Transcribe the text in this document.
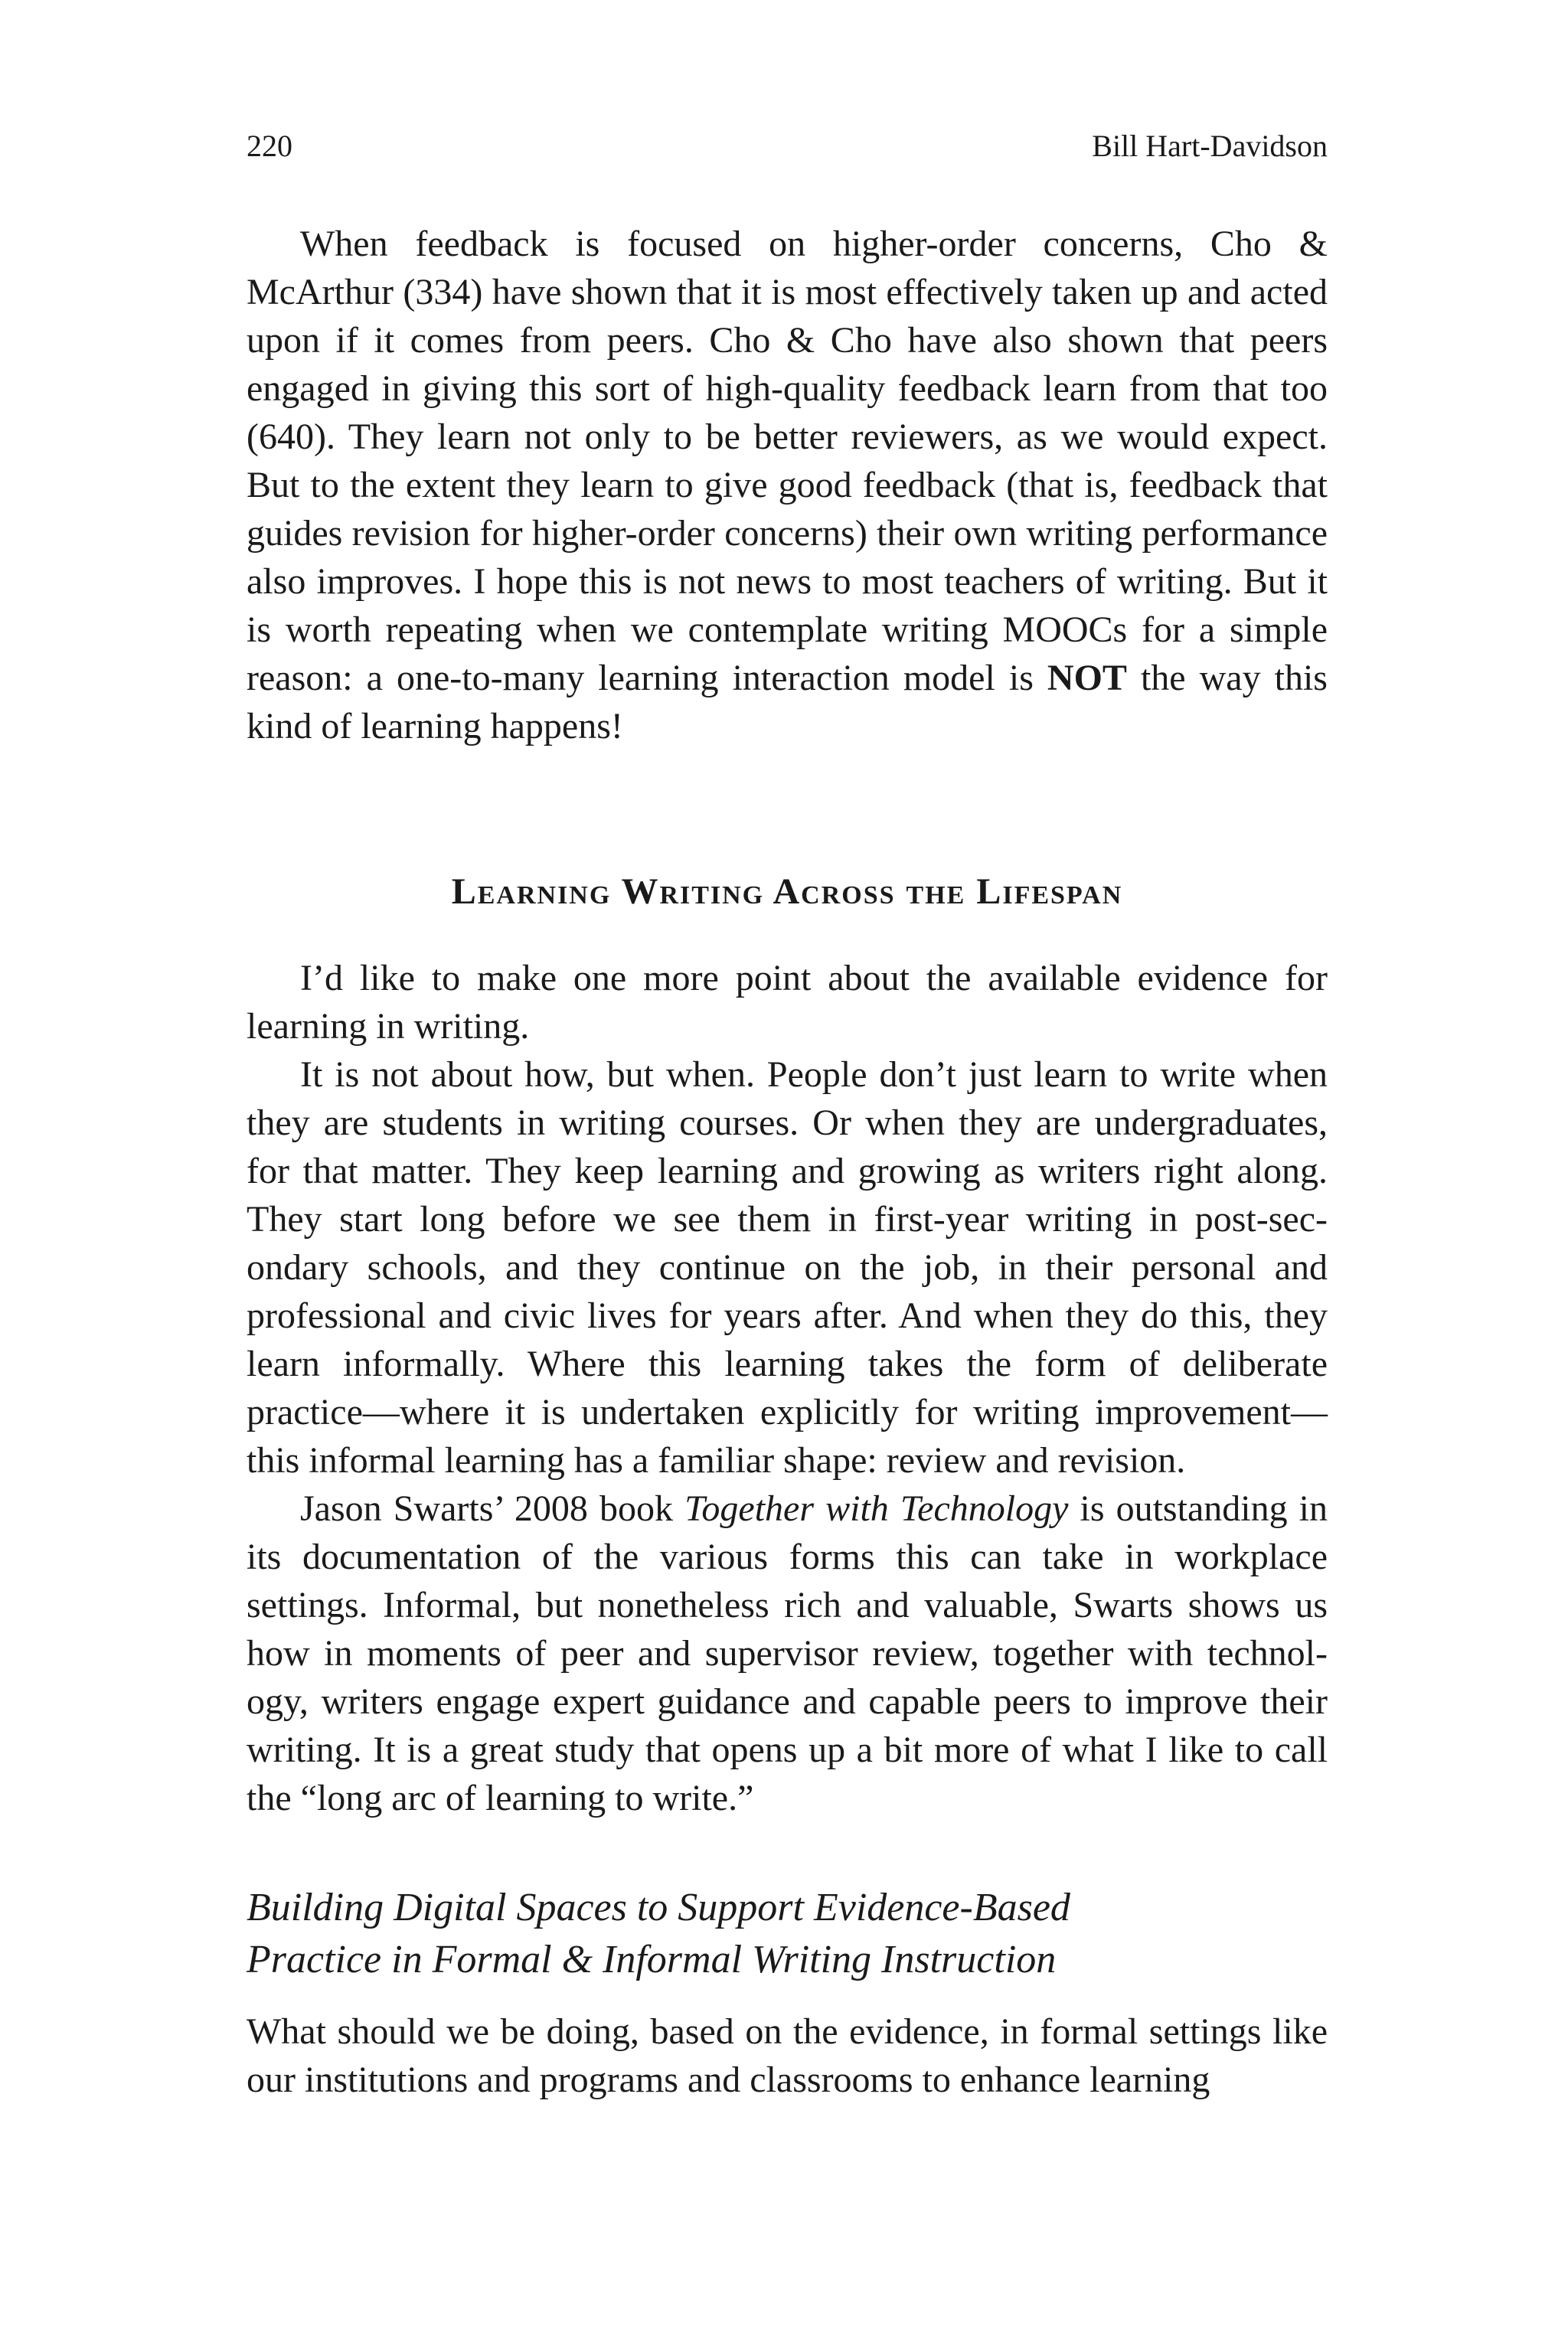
220	Bill Hart-Davidson

When feedback is focused on higher-order concerns, Cho & McArthur (334) have shown that it is most effectively taken up and acted upon if it comes from peers. Cho & Cho have also shown that peers engaged in giving this sort of high-quality feedback learn from that too (640). They learn not only to be better reviewers, as we would expect. But to the extent they learn to give good feedback (that is, feedback that guides revision for higher-order concerns) their own writing performance also improves. I hope this is not news to most teachers of writing. But it is worth repeating when we contemplate writing MOOCs for a simple reason: a one-to-many learning interaction model is NOT the way this kind of learning happens!

Learning Writing Across the Lifespan

I’d like to make one more point about the available evidence for learning in writing.

It is not about how, but when. People don’t just learn to write when they are students in writing courses. Or when they are undergraduates, for that matter. They keep learning and growing as writers right along. They start long before we see them in first-year writing in post-secondary schools, and they continue on the job, in their personal and professional and civic lives for years after. And when they do this, they learn informally. Where this learning takes the form of deliberate practice—where it is undertaken explicitly for writing improvement—this informal learning has a familiar shape: review and revision.

Jason Swarts’ 2008 book Together with Technology is outstanding in its documentation of the various forms this can take in workplace settings. Informal, but nonetheless rich and valuable, Swarts shows us how in moments of peer and supervisor review, together with technology, writers engage expert guidance and capable peers to improve their writing. It is a great study that opens up a bit more of what I like to call the “long arc of learning to write.”

Building Digital Spaces to Support Evidence-Based
Practice in Formal & Informal Writing Instruction

What should we be doing, based on the evidence, in formal settings like our institutions and programs and classrooms to enhance learning
